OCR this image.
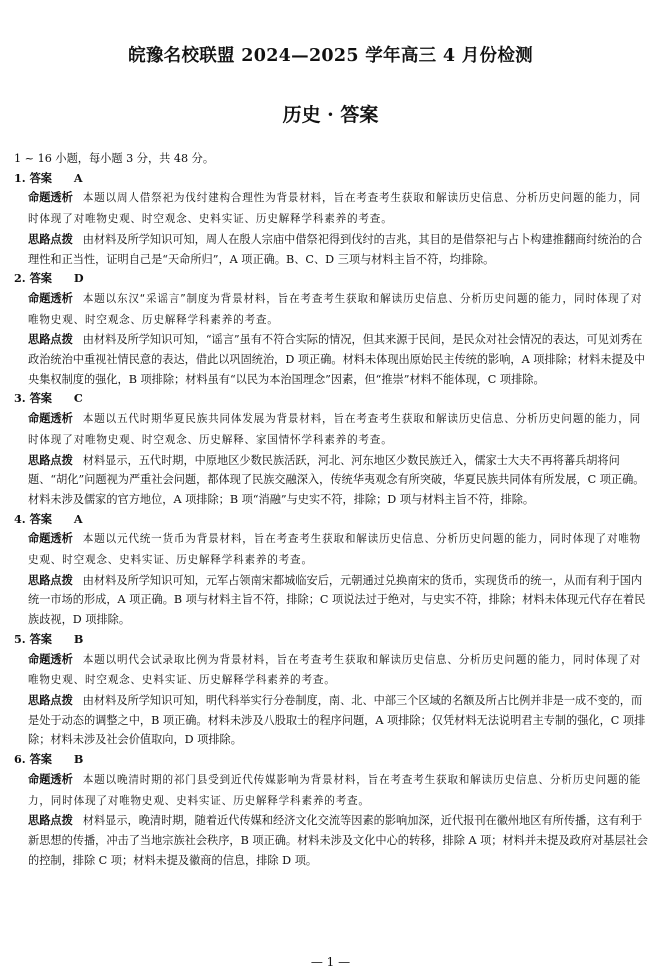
皖豫名校联盟 2024—2025 学年高三 4 月份检测
历史 · 答案

1 ~ 16 小题，每小题 3 分，共 48 分。

1. 答案 A

命题透析 本题以周人借祭祀为伐纣建构合理性为背景材料，旨在考查考生获取和解读历史信息、分析历史问题的能力，同时体现了对唯物史观、时空观念、史料实证、历史解释学科素养的考查。

思路点拨 由材料及所学知识可知，周人在殷人宗庙中借祭祀得到伐纣的吉兆，其目的是借祭祀与占卜构建推翻商纣统治的合理性和正当性，证明自己是“天命所归”，A 项正确。B、C、D 三项与材料主旨不符，均排除。

2. 答案 D

命题透析 本题以东汉“采谣言”制度为背景材料，旨在考查考生获取和解读历史信息、分析历史问题的能力，同时体现了对唯物史观、时空观念、历史解释学科素养的考查。

思路点拨 由材料及所学知识可知，“谣言”虽有不符合实际的情况，但其来源于民间，是民众对社会情况的表达，可见刘秀在政治统治中重视社情民意的表达，借此以巩固统治，D 项正确。材料未体现出原始民主传统的影响，A 项排除；材料未提及中央集权制度的强化，B 项排除；材料虽有“以民为本治国理念”因素，但“推崇”材料不能体现，C 项排除。

3. 答案 C

命题透析 本题以五代时期华夏民族共同体发展为背景材料，旨在考查考生获取和解读历史信息、分析历史问题的能力，同时体现了对唯物史观、时空观念、历史解释、家国情怀学科素养的考查。

思路点拨 材料显示，五代时期，中原地区少数民族活跃，河北、河东地区少数民族迁入，儒家士大夫不再将蕃兵胡将问题、“胡化”问题视为严重社会问题，都体现了民族交融深入，传统华夷观念有所突破，华夏民族共同体有所发展，C 项正确。材料未涉及儒家的官方地位，A 项排除；B 项“消融”与史实不符，排除；D 项与材料主旨不符，排除。

4. 答案 A

命题透析 本题以元代统一货币为背景材料，旨在考查考生获取和解读历史信息、分析历史问题的能力，同时体现了对唯物史观、时空观念、史料实证、历史解释学科素养的考查。

思路点拨 由材料及所学知识可知，元军占领南宋都城临安后，元朝通过兑换南宋的货币，实现货币的统一，从而有利于国内统一市场的形成，A 项正确。B 项与材料主旨不符，排除；C 项说法过于绝对，与史实不符，排除；材料未体现元代存在着民族歧视，D 项排除。

5. 答案 B

命题透析 本题以明代会试录取比例为背景材料，旨在考查考生获取和解读历史信息、分析历史问题的能力，同时体现了对唯物史观、时空观念、史料实证、历史解释学科素养的考查。

思路点拨 由材料及所学知识可知，明代科举实行分卷制度，南、北、中部三个区域的名额及所占比例并非是一成不变的，而是处于动态的调整之中，B 项正确。材料未涉及八股取士的程序问题，A 项排除；仅凭材料无法说明君主专制的强化，C 项排除；材料未涉及社会价值取向，D 项排除。

6. 答案 B

命题透析 本题以晚清时期的祁门县受到近代传媒影响为背景材料，旨在考查考生获取和解读历史信息、分析历史问题的能力，同时体现了对唯物史观、史料实证、历史解释学科素养的考查。

思路点拨 材料显示，晚清时期，随着近代传媒和经济文化交流等因素的影响加深，近代报刊在徽州地区有所传播，这有利于新思想的传播，冲击了当地宗族社会秩序，B 项正确。材料未涉及文化中心的转移，排除 A 项；材料并未提及政府对基层社会的控制，排除 C 项；材料未提及徽商的信息，排除 D 项。

— 1 —
